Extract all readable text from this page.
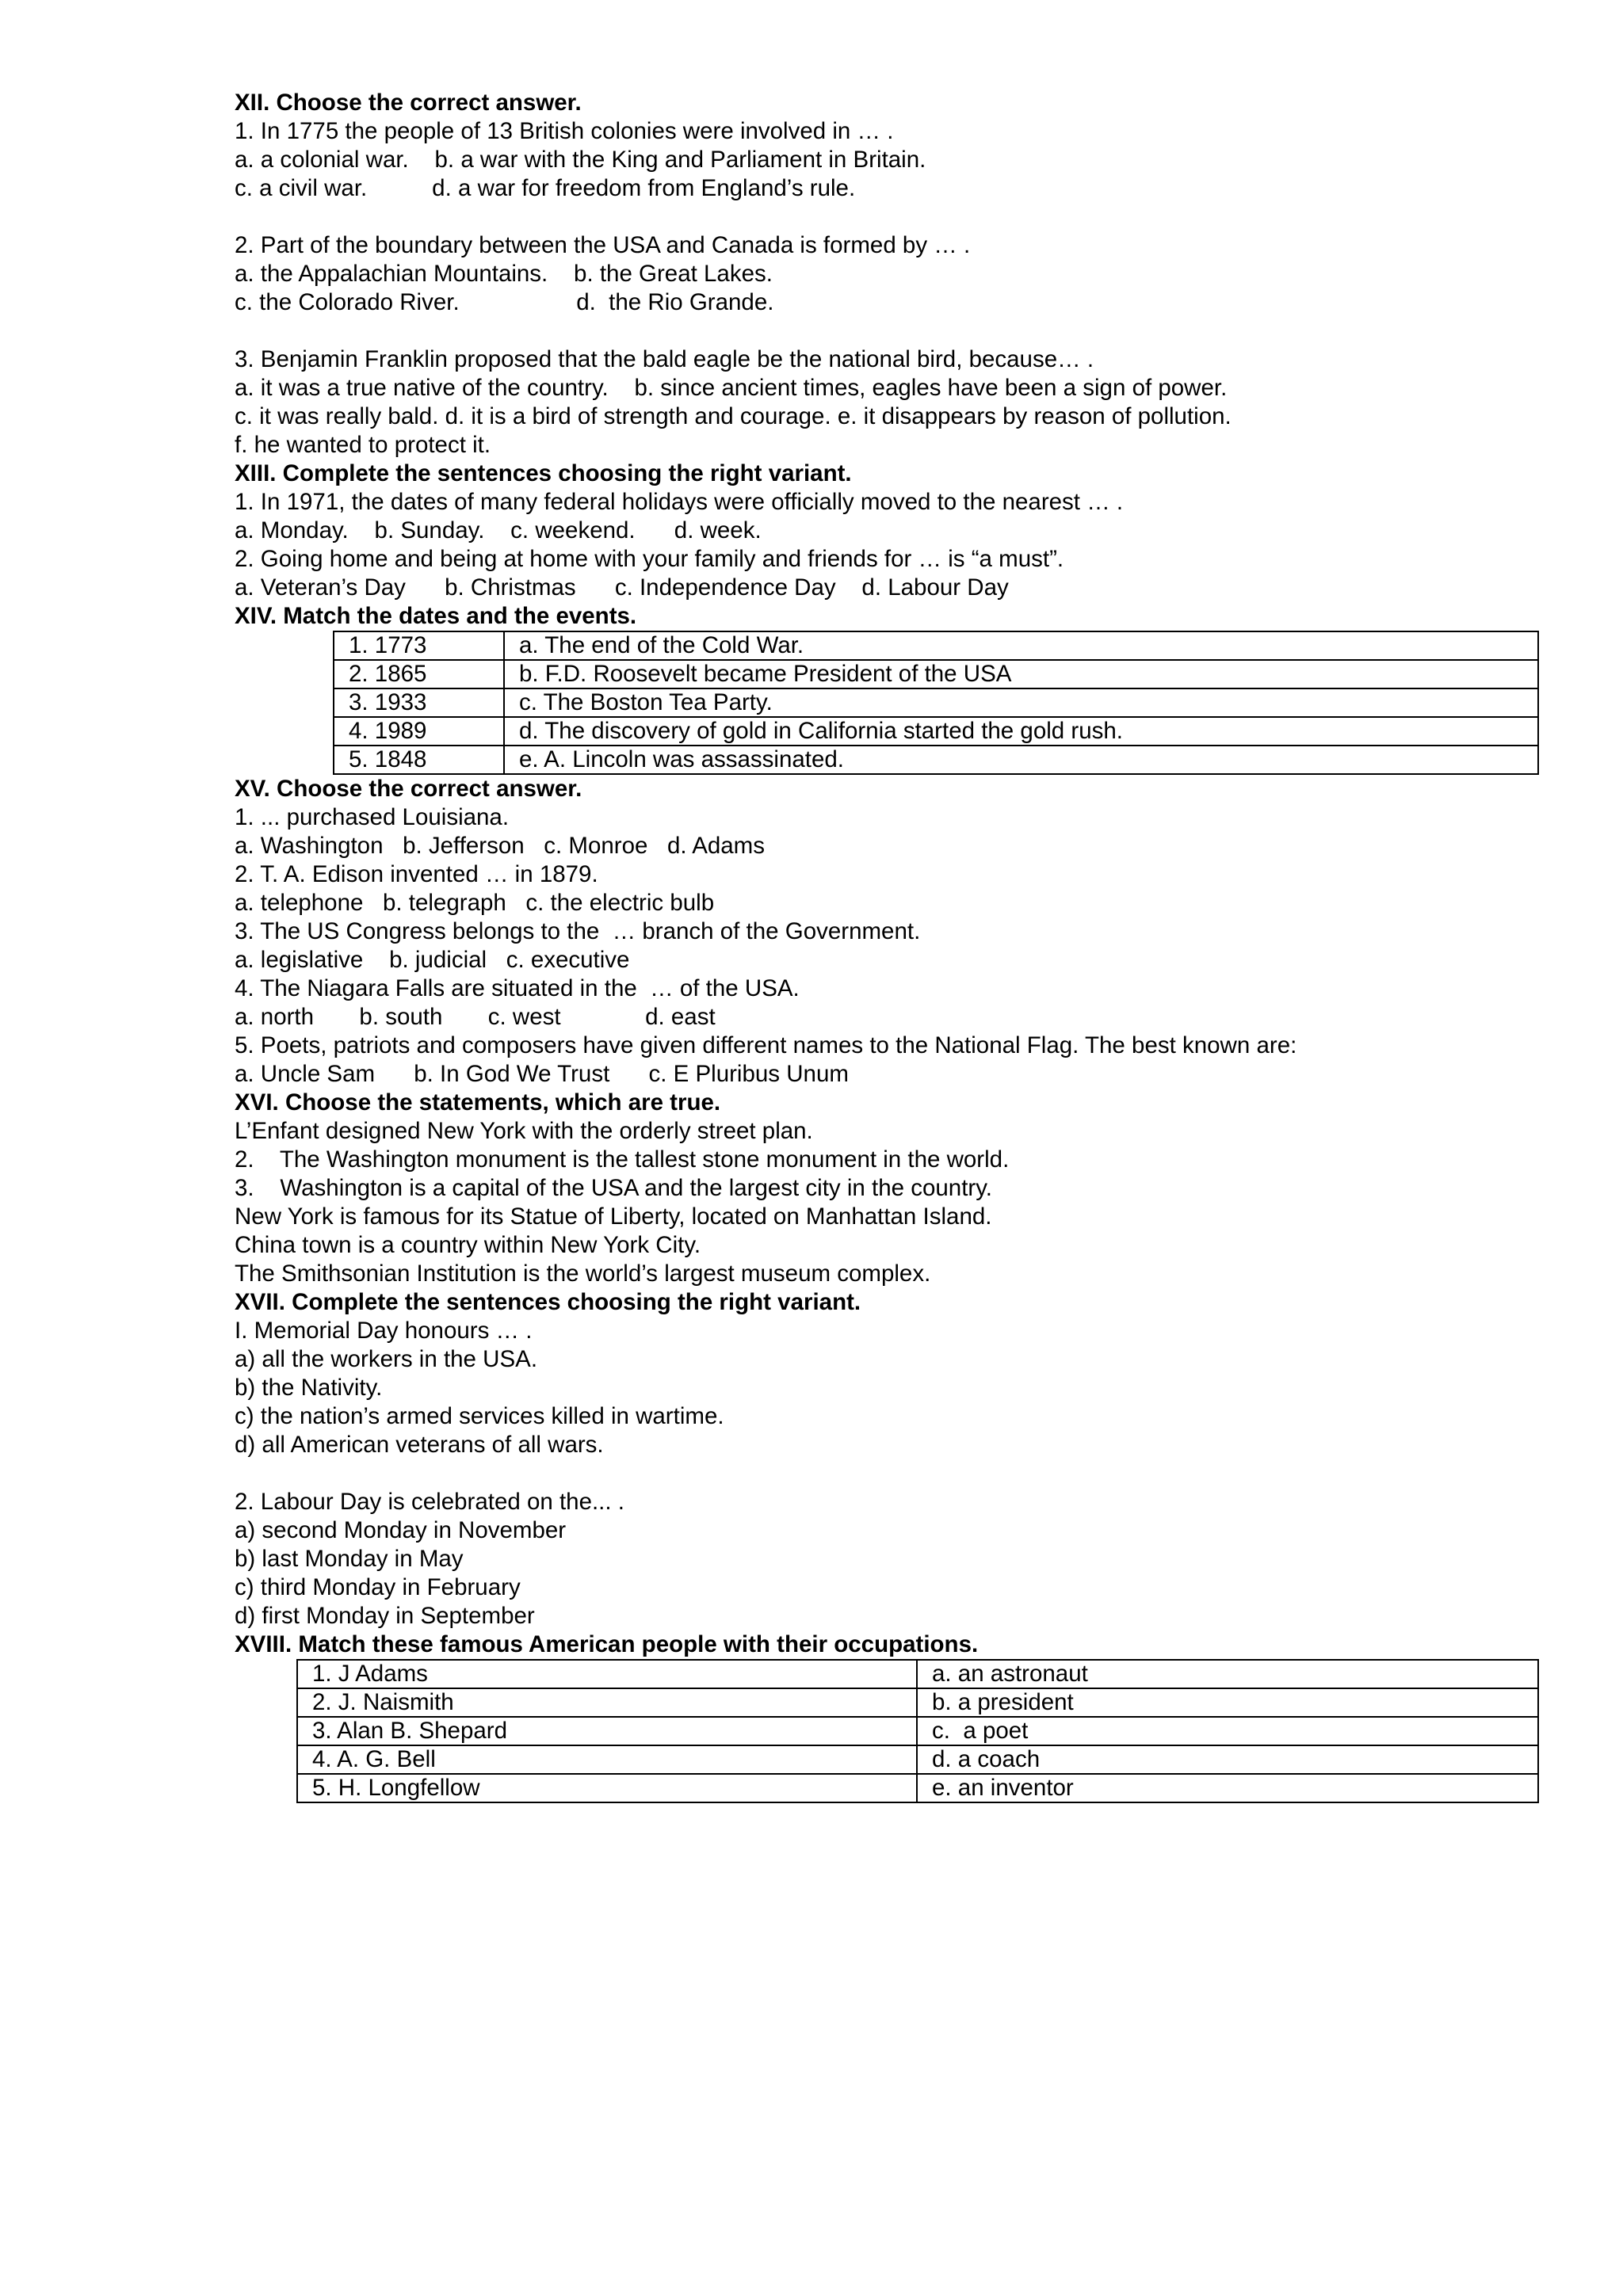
XII. Choose the correct answer.
1. In 1775 the people of 13 British colonies were involved in … .
a. a colonial war.    b. a war with the King and Parliament in Britain.
c. a civil war.          d. a war for freedom from England’s rule.
2. Part of the boundary between the USA and Canada is formed by … .
a. the Appalachian Mountains.    b. the Great Lakes.
c. the Colorado River.                  d.  the Rio Grande.
3. Benjamin Franklin proposed that the bald eagle be the national bird, because… .
a. it was a true native of the country.    b. since ancient times, eagles have been a sign of power.
c. it was really bald. d. it is a bird of strength and courage. e. it disappears by reason of pollution.
f. he wanted to protect it.
XIII. Complete the sentences choosing the right variant.
1. In 1971, the dates of many federal holidays were officially moved to the nearest … .
a. Monday.    b. Sunday.    c. weekend.      d. week.
2. Going home and being at home with your family and friends for … is “a must”.
a. Veteran’s Day      b. Christmas      c. Independence Day    d. Labour Day
XIV. Match the dates and the events.
1. 1773	a. The end of the Cold War.
2. 1865	b. F.D. Roosevelt became President of the USA
3. 1933	c. The Boston Tea Party.
4. 1989	d. The discovery of gold in California started the gold rush.
5. 1848	e. A. Lincoln was assassinated.
XV. Choose the correct answer.
1. ... purchased Louisiana.
a. Washington   b. Jefferson   c. Monroe   d. Adams
2. T. A. Edison invented … in 1879.
a. telephone   b. telegraph   c. the electric bulb
3. The US Congress belongs to the  … branch of the Government.
a. legislative    b. judicial   c. executive
4. The Niagara Falls are situated in the  … of the USA.
a. north       b. south       c. west             d. east
5. Poets, patriots and composers have given different names to the National Flag. The best known are:
a. Uncle Sam      b. In God We Trust      c. E Pluribus Unum
XVI. Choose the statements, which are true.
L’Enfant designed New York with the orderly street plan.
2.    The Washington monument is the tallest stone monument in the world.
3.    Washington is a capital of the USA and the largest city in the country.
New York is famous for its Statue of Liberty, located on Manhattan Island.
China town is a country within New York City.
The Smithsonian Institution is the world’s largest museum complex.
XVII. Complete the sentences choosing the right variant.
I. Memorial Day honours … .
a) all the workers in the USA.
b) the Nativity.
c) the nation’s armed services killed in wartime.
d) all American veterans of all wars.
2. Labour Day is celebrated on the... .
a) second Monday in November
b) last Monday in May
c) third Monday in February
d) first Monday in September
XVIII. Match these famous American people with their occupations.
1. J Adams	a. an astronaut
2. J. Naismith	b. a president
3. Alan B. Shepard	c.  a poet
4. A. G. Bell	d. a coach
5. H. Longfellow	e. an inventor
